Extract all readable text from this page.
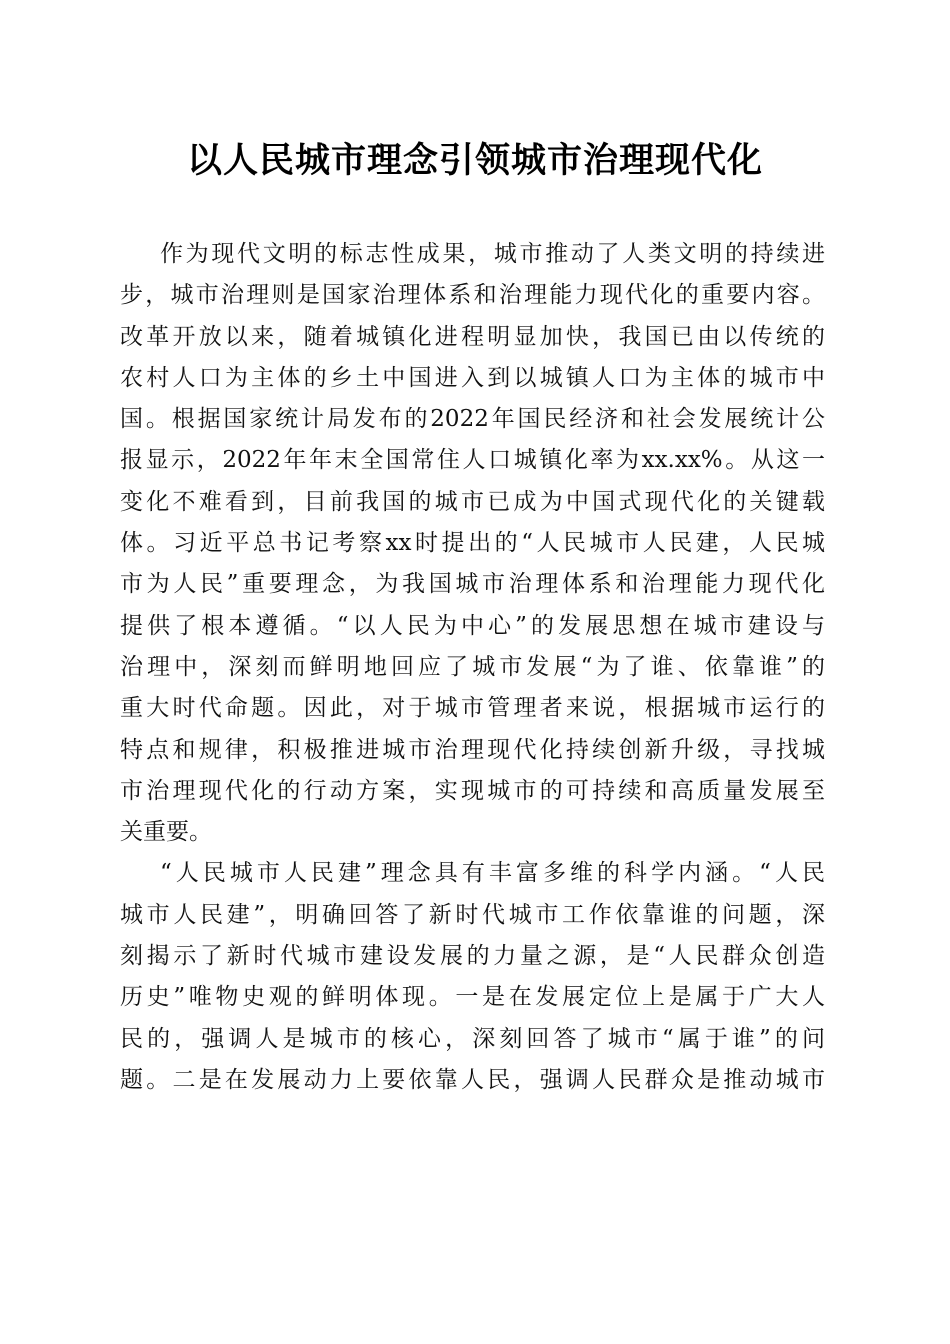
以人民城市理念引领城市治理现代化
作为现代文明的标志性成果，城市推动了人类文明的持续进
步，城市治理则是国家治理体系和治理能力现代化的重要内容。
改革开放以来，随着城镇化进程明显加快，我国已由以传统的
农村人口为主体的乡土中国进入到以城镇人口为主体的城市中
国。根据国家统计局发布的2022年国民经济和社会发展统计公
报显示，2022年年末全国常住人口城镇化率为xx.xx%。从这一
变化不难看到，目前我国的城市已成为中国式现代化的关键载
体。习近平总书记考察xx时提出的“人民城市人民建，人民城
市为人民”重要理念，为我国城市治理体系和治理能力现代化
提供了根本遵循。“以人民为中心”的发展思想在城市建设与
治理中，深刻而鲜明地回应了城市发展“为了谁、依靠谁”的
重大时代命题。因此，对于城市管理者来说，根据城市运行的
特点和规律，积极推进城市治理现代化持续创新升级，寻找城
市治理现代化的行动方案，实现城市的可持续和高质量发展至
关重要。
“人民城市人民建”理念具有丰富多维的科学内涵。“人民
城市人民建”，明确回答了新时代城市工作依靠谁的问题，深
刻揭示了新时代城市建设发展的力量之源，是“人民群众创造
历史”唯物史观的鲜明体现。一是在发展定位上是属于广大人
民的，强调人是城市的核心，深刻回答了城市“属于谁”的问
题。二是在发展动力上要依靠人民，强调人民群众是推动城市
